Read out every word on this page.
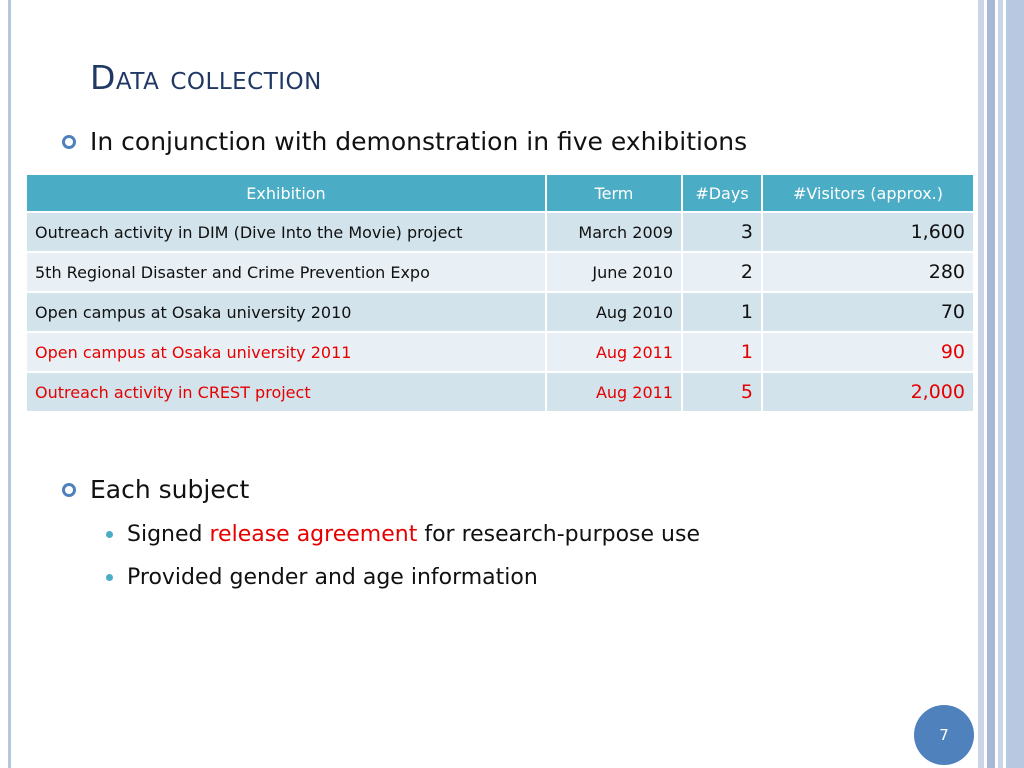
Data collection
In conjunction with demonstration in five exhibitions
Exhibition	Term	#Days	#Visitors (approx.)
Outreach activity in DIM (Dive Into the Movie) project	March 2009	3	1,600
5th Regional Disaster and Crime Prevention Expo	June 2010	2	280
Open campus at Osaka university 2010	Aug 2010	1	70
Open campus at Osaka university 2011	Aug 2011	1	90
Outreach activity in CREST project	Aug 2011	5	2,000
Each subject
Signed release agreement for research-purpose use
Provided gender and age information
7
